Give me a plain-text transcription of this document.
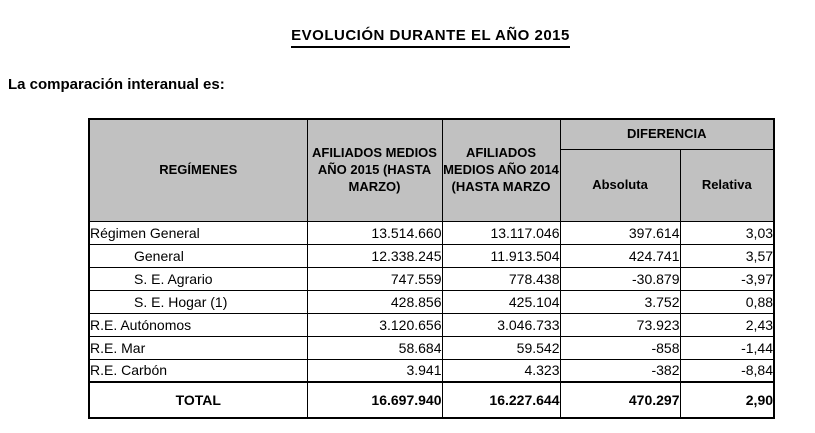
EVOLUCIÓN DURANTE EL AÑO 2015
La comparación interanual es:
REGÍMENES	AFILIADOS MEDIOS AÑO 2015 (HASTA MARZO)	AFILIADOS MEDIOS AÑO 2014 (HASTA MARZO	DIFERENCIA	
			Absoluta	Relativa
Régimen General	13.514.660	13.117.046	397.614	3,03
General	12.338.245	11.913.504	424.741	3,57
S. E. Agrario	747.559	778.438	-30.879	-3,97
S. E. Hogar (1)	428.856	425.104	3.752	0,88
R.E. Autónomos	3.120.656	3.046.733	73.923	2,43
R.E. Mar	58.684	59.542	-858	-1,44
R.E. Carbón	3.941	4.323	-382	-8,84
TOTAL	16.697.940	16.227.644	470.297	2,90
